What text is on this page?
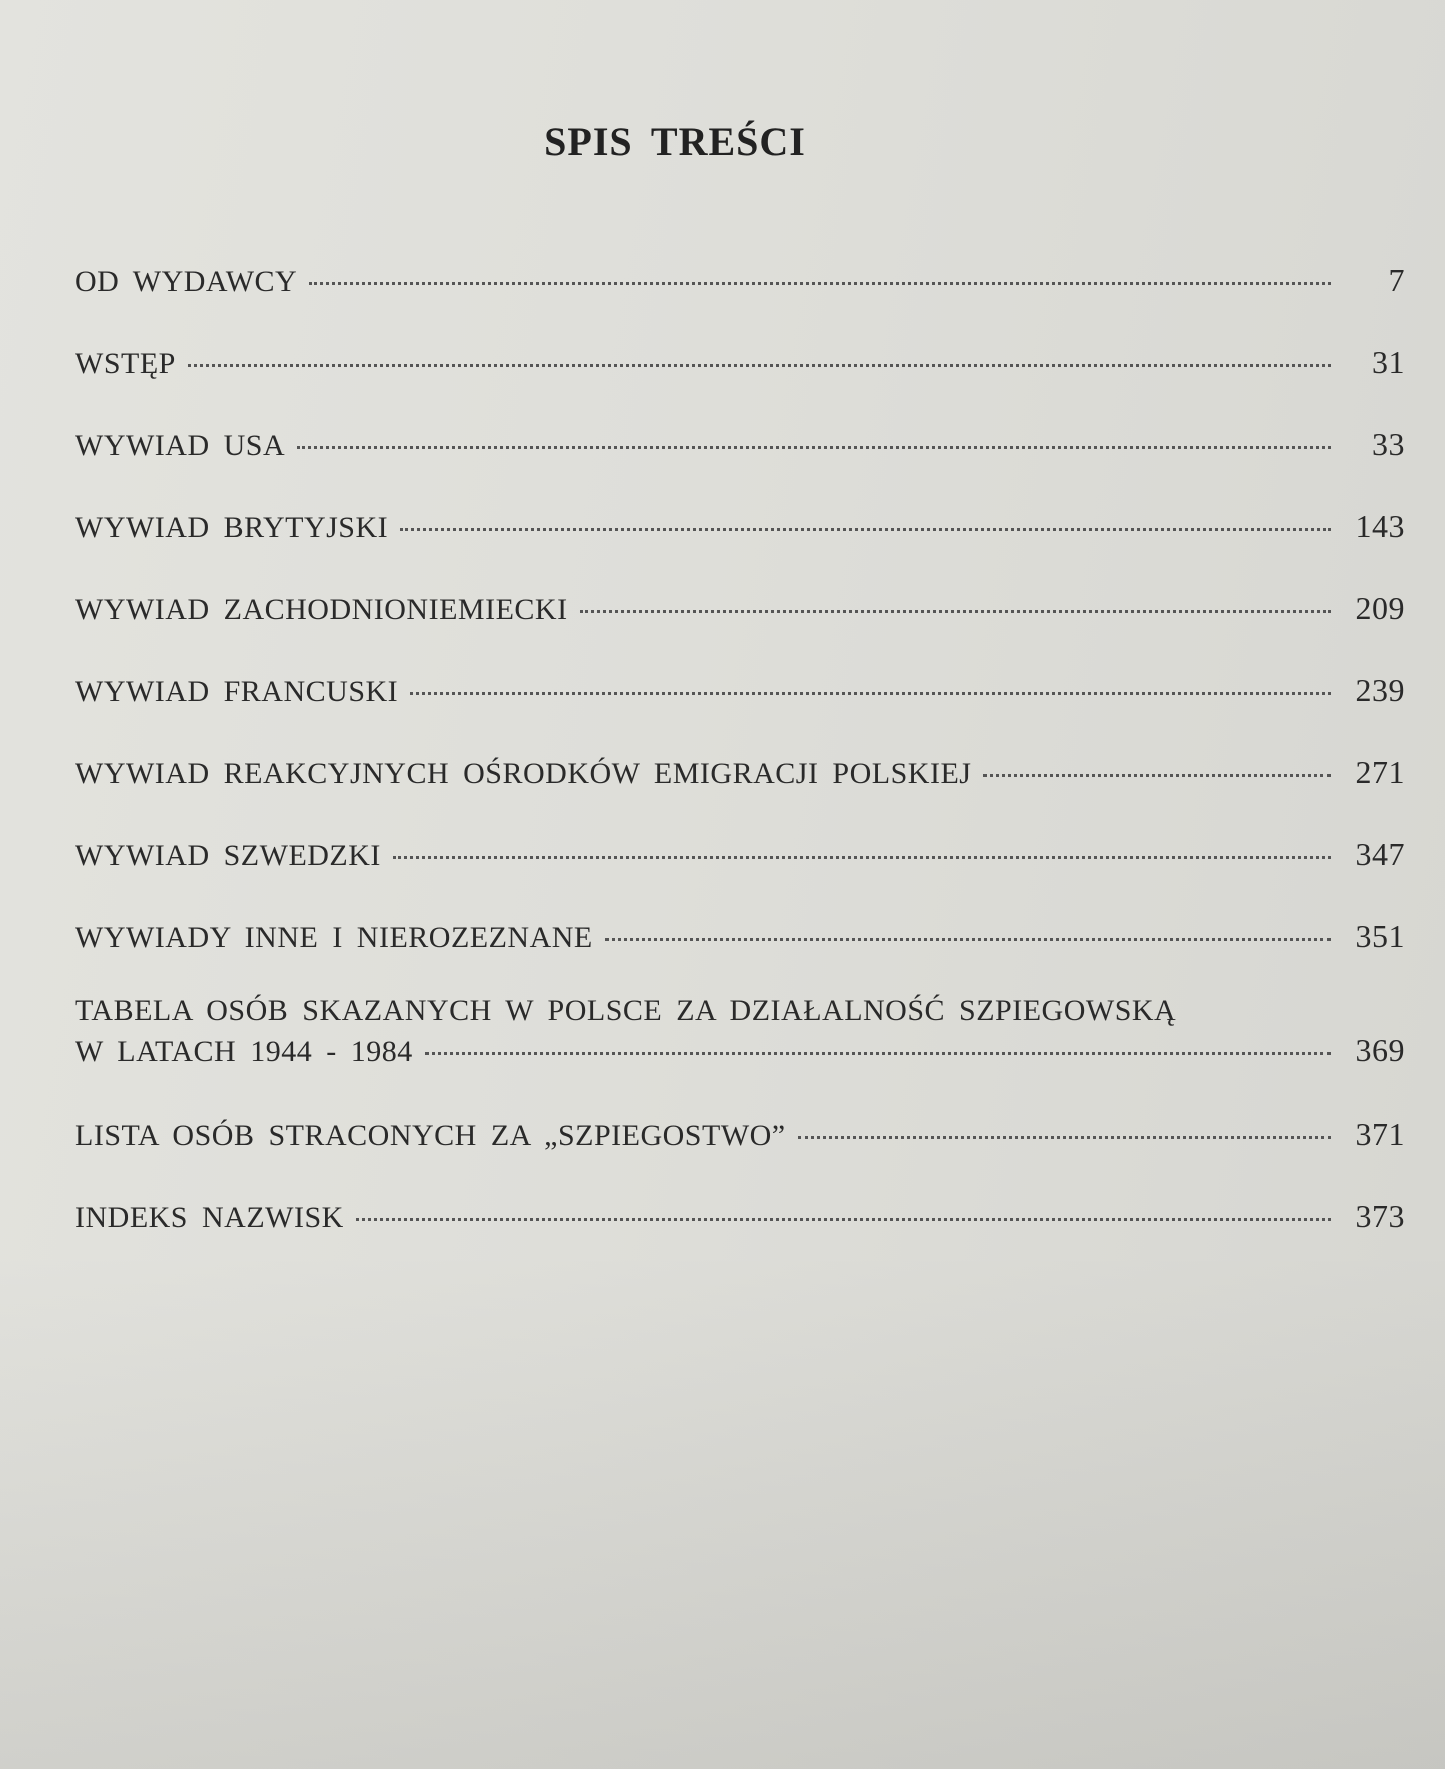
SPIS TREŚCI
OD WYDAWCY	7
WSTĘP	31
WYWIAD USA	33
WYWIAD BRYTYJSKI	143
WYWIAD ZACHODNIONIEMIECKI	209
WYWIAD FRANCUSKI	239
WYWIAD REAKCYJNYCH OŚRODKÓW EMIGRACJI POLSKIEJ	271
WYWIAD SZWEDZKI	347
WYWIADY INNE I NIEROZEZNANE	351
TABELA OSÓB SKAZANYCH W POLSCE ZA DZIAŁALNOŚĆ SZPIEGOWSKĄ
W LATACH 1944 - 1984	369
LISTA OSÓB STRACONYCH ZA „SZPIEGOSTWO”	371
INDEKS NAZWISK	373
